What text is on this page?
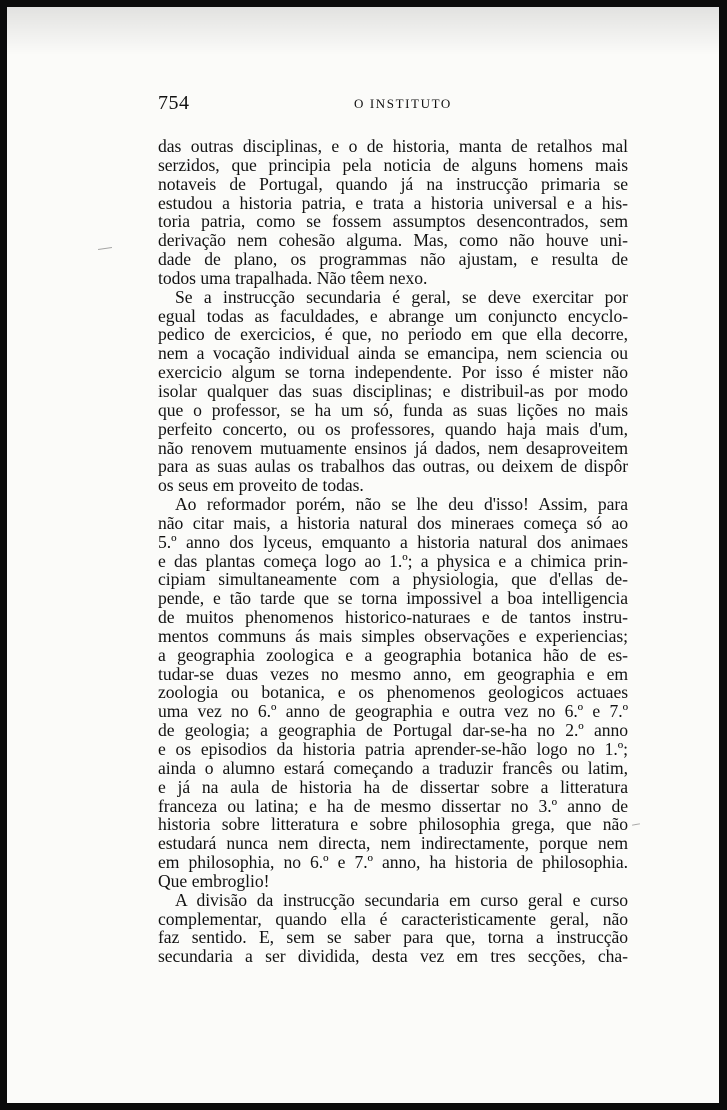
754	O INSTITUTO
das outras disciplinas, e o de historia, manta de retalhos mal
serzidos, que principia pela noticia de alguns homens mais
notaveis de Portugal, quando já na instrucção primaria se
estudou a historia patria, e trata a historia universal e a his-
toria patria, como se fossem assumptos desencontrados, sem
derivação nem cohesão alguma. Mas, como não houve uni-
dade de plano, os programmas não ajustam, e resulta de
todos uma trapalhada. Não têem nexo.
Se a instrucção secundaria é geral, se deve exercitar por
egual todas as faculdades, e abrange um conjuncto encyclo-
pedico de exercicios, é que, no periodo em que ella decorre,
nem a vocação individual ainda se emancipa, nem sciencia ou
exercicio algum se torna independente. Por isso é mister não
isolar qualquer das suas disciplinas; e distribuil-as por modo
que o professor, se ha um só, funda as suas lições no mais
perfeito concerto, ou os professores, quando haja mais d'um,
não renovem mutuamente ensinos já dados, nem desaproveitem
para as suas aulas os trabalhos das outras, ou deixem de dispôr
os seus em proveito de todas.
Ao reformador porém, não se lhe deu d'isso! Assim, para
não citar mais, a historia natural dos mineraes começa só ao
5.º anno dos lyceus, emquanto a historia natural dos animaes
e das plantas começa logo ao 1.º; a physica e a chimica prin-
cipiam simultaneamente com a physiologia, que d'ellas de-
pende, e tão tarde que se torna impossivel a boa intelligencia
de muitos phenomenos historico-naturaes e de tantos instru-
mentos communs ás mais simples observações e experiencias;
a geographia zoologica e a geographia botanica hão de es-
tudar-se duas vezes no mesmo anno, em geographia e em
zoologia ou botanica, e os phenomenos geologicos actuaes
uma vez no 6.º anno de geographia e outra vez no 6.º e 7.º
de geologia; a geographia de Portugal dar-se-ha no 2.º anno
e os episodios da historia patria aprender-se-hão logo no 1.º;
ainda o alumno estará começando a traduzir francês ou latim,
e já na aula de historia ha de dissertar sobre a litteratura
franceza ou latina; e ha de mesmo dissertar no 3.º anno de
historia sobre litteratura e sobre philosophia grega, que não
estudará nunca nem directa, nem indirectamente, porque nem
em philosophia, no 6.º e 7.º anno, ha historia de philosophia.
Que embroglio!
A divisão da instrucção secundaria em curso geral e curso
complementar, quando ella é caracteristicamente geral, não
faz sentido. E, sem se saber para que, torna a instrucção
secundaria a ser dividida, desta vez em tres secções, cha-
